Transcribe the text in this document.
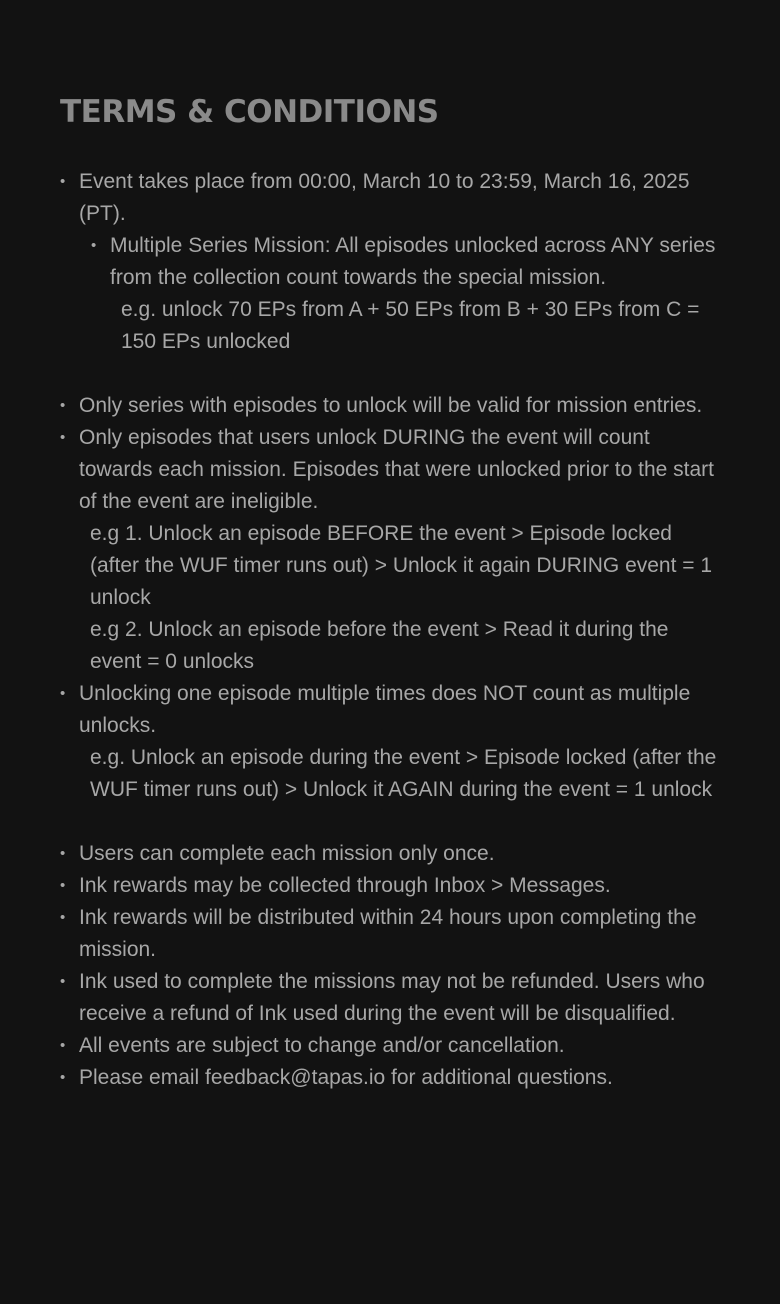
TERMS & CONDITIONS
• Event takes place from 00:00, March 10 to 23:59, March 16, 2025 (PT).
• Multiple Series Mission: All episodes unlocked across ANY series from the collection count towards the special mission.
e.g. unlock 70 EPs from A + 50 EPs from B + 30 EPs from C = 150 EPs unlocked
• Only series with episodes to unlock will be valid for mission entries.
• Only episodes that users unlock DURING the event will count towards each mission. Episodes that were unlocked prior to the start of the event are ineligible.
e.g 1. Unlock an episode BEFORE the event > Episode locked (after the WUF timer runs out) > Unlock it again DURING event = 1 unlock
e.g 2. Unlock an episode before the event > Read it during the event = 0 unlocks
• Unlocking one episode multiple times does NOT count as multiple unlocks.
e.g. Unlock an episode during the event > Episode locked (after the WUF timer runs out) > Unlock it AGAIN during the event = 1 unlock
• Users can complete each mission only once.
• Ink rewards may be collected through Inbox > Messages.
• Ink rewards will be distributed within 24 hours upon completing the mission.
• Ink used to complete the missions may not be refunded. Users who receive a refund of Ink used during the event will be disqualified.
• All events are subject to change and/or cancellation.
• Please email feedback@tapas.io for additional questions.
